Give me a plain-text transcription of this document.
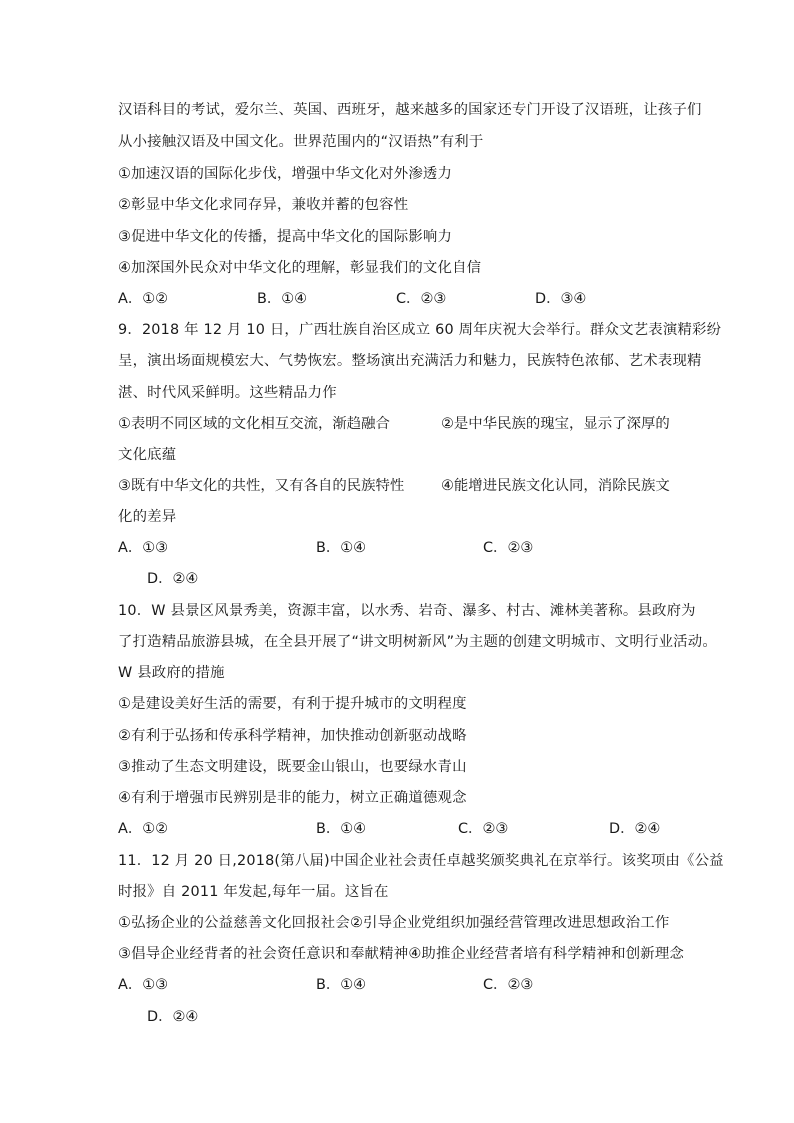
汉语科目的考试，爱尔兰、英国、西班牙，越来越多的国家还专门开设了汉语班，让孩子们
从小接触汉语及中国文化。世界范围内的“汉语热”有利于
①加速汉语的国际化步伐，增强中华文化对外渗透力
②彰显中华文化求同存异，兼收并蓄的包容性
③促进中华文化的传播，提高中华文化的国际影响力
④加深国外民众对中华文化的理解，彰显我们的文化自信
A．①②	B．①④	C．②③	D．③④
9．2018 年 12 月 10 日，广西壮族自治区成立 60 周年庆祝大会举行。群众文艺表演精彩纷
呈，演出场面规模宏大、气势恢宏。整场演出充满活力和魅力，民族特色浓郁、艺术表现精
湛、时代风采鲜明。这些精品力作
①表明不同区域的文化相互交流，渐趋融合	②是中华民族的瑰宝，显示了深厚的
文化底蕴
③既有中华文化的共性，又有各自的民族特性	④能增进民族文化认同，消除民族文
化的差异
A．①③	B．①④	C．②③
D．②④
10．W 县景区风景秀美，资源丰富，以水秀、岩奇、瀑多、村古、滩林美著称。县政府为
了打造精品旅游县城，在全县开展了“讲文明树新风”为主题的创建文明城市、文明行业活动。
W 县政府的措施
①是建设美好生活的需要，有利于提升城市的文明程度
②有利于弘扬和传承科学精神，加快推动创新驱动战略
③推动了生态文明建设，既要金山银山，也要绿水青山
④有利于增强市民辨别是非的能力，树立正确道德观念
A．①②	B．①④	C．②③	D．②④
11．12 月 20 日,2018(第八届)中国企业社会责任卓越奖颁奖典礼在京举行。该奖项由《公益
时报》自 2011 年发起,每年一届。这旨在
①弘扬企业的公益慈善文化回报社会②引导企业党组织加强经营管理改进思想政治工作
③倡导企业经背者的社会资任意识和奉献精神④助推企业经营者培有科学精神和创新理念
A．①③	B．①④	C．②③
D．②④
